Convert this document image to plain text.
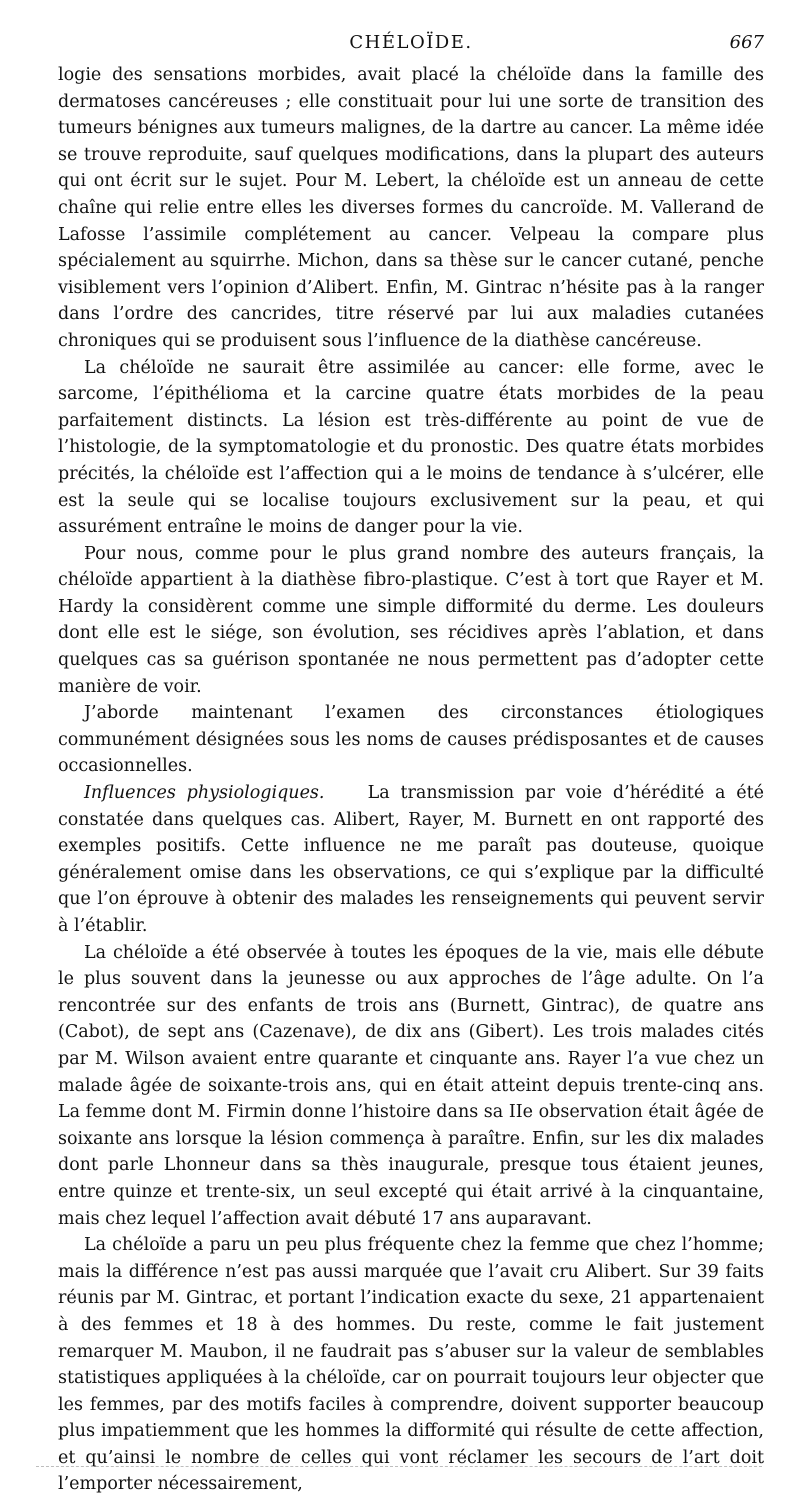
CHÉLOÏDE.	667

logie des sensations morbides, avait placé la chéloïde dans la famille des dermatoses cancéreuses ; elle constituait pour lui une sorte de transition des tumeurs bénignes aux tumeurs malignes, de la dartre au cancer. La même idée se trouve reproduite, sauf quelques modifications, dans la plupart des auteurs qui ont écrit sur le sujet. Pour M. Lebert, la chéloïde est un anneau de cette chaîne qui relie entre elles les diverses formes du cancroïde. M. Vallerand de Lafosse l’assimile complétement au cancer. Velpeau la compare plus spécialement au squirrhe. Michon, dans sa thèse sur le cancer cutané, penche visiblement vers l’opinion d’Alibert. Enfin, M. Gintrac n’hésite pas à la ranger dans l’ordre des cancrides, titre réservé par lui aux maladies cutanées chroniques qui se produisent sous l’influence de la diathèse cancéreuse.

La chéloïde ne saurait être assimilée au cancer: elle forme, avec le sarcome, l’épithélioma et la carcine quatre états morbides de la peau parfaitement distincts. La lésion est très-différente au point de vue de l’histologie, de la symptomatologie et du pronostic. Des quatre états morbides précités, la chéloïde est l’affection qui a le moins de tendance à s’ulcérer, elle est la seule qui se localise toujours exclusivement sur la peau, et qui assurément entraîne le moins de danger pour la vie.

Pour nous, comme pour le plus grand nombre des auteurs français, la chéloïde appartient à la diathèse fibro-plastique. C’est à tort que Rayer et M. Hardy la considèrent comme une simple difformité du derme. Les douleurs dont elle est le siége, son évolution, ses récidives après l’ablation, et dans quelques cas sa guérison spontanée ne nous permettent pas d’adopter cette manière de voir.

J’aborde maintenant l’examen des circonstances étiologiques communément désignées sous les noms de causes prédisposantes et de causes occasionnelles.

Influences physiologiques. La transmission par voie d’hérédité a été constatée dans quelques cas. Alibert, Rayer, M. Burnett en ont rapporté des exemples positifs. Cette influence ne me paraît pas douteuse, quoique généralement omise dans les observations, ce qui s’explique par la difficulté que l’on éprouve à obtenir des malades les renseignements qui peuvent servir à l’établir.

La chéloïde a été observée à toutes les époques de la vie, mais elle débute le plus souvent dans la jeunesse ou aux approches de l’âge adulte. On l’a rencontrée sur des enfants de trois ans (Burnett, Gintrac), de quatre ans (Cabot), de sept ans (Cazenave), de dix ans (Gibert). Les trois malades cités par M. Wilson avaient entre quarante et cinquante ans. Rayer l’a vue chez un malade âgée de soixante-trois ans, qui en était atteint depuis trente-cinq ans. La femme dont M. Firmin donne l’histoire dans sa IIe observation était âgée de soixante ans lorsque la lésion commença à paraître. Enfin, sur les dix malades dont parle Lhonneur dans sa thès inaugurale, presque tous étaient jeunes, entre quinze et trente-six, un seul excepté qui était arrivé à la cinquantaine, mais chez lequel l’affection avait débuté 17 ans auparavant.

La chéloïde a paru un peu plus fréquente chez la femme que chez l’homme; mais la différence n’est pas aussi marquée que l’avait cru Alibert. Sur 39 faits réunis par M. Gintrac, et portant l’indication exacte du sexe, 21 appartenaient à des femmes et 18 à des hommes. Du reste, comme le fait justement remarquer M. Maubon, il ne faudrait pas s’abuser sur la valeur de semblables statistiques appliquées à la chéloïde, car on pourrait toujours leur objecter que les femmes, par des motifs faciles à comprendre, doivent supporter beaucoup plus impatiemment que les hommes la difformité qui résulte de cette affection, et qu’ainsi le nombre de celles qui vont réclamer les secours de l’art doit l’emporter nécessairement,
